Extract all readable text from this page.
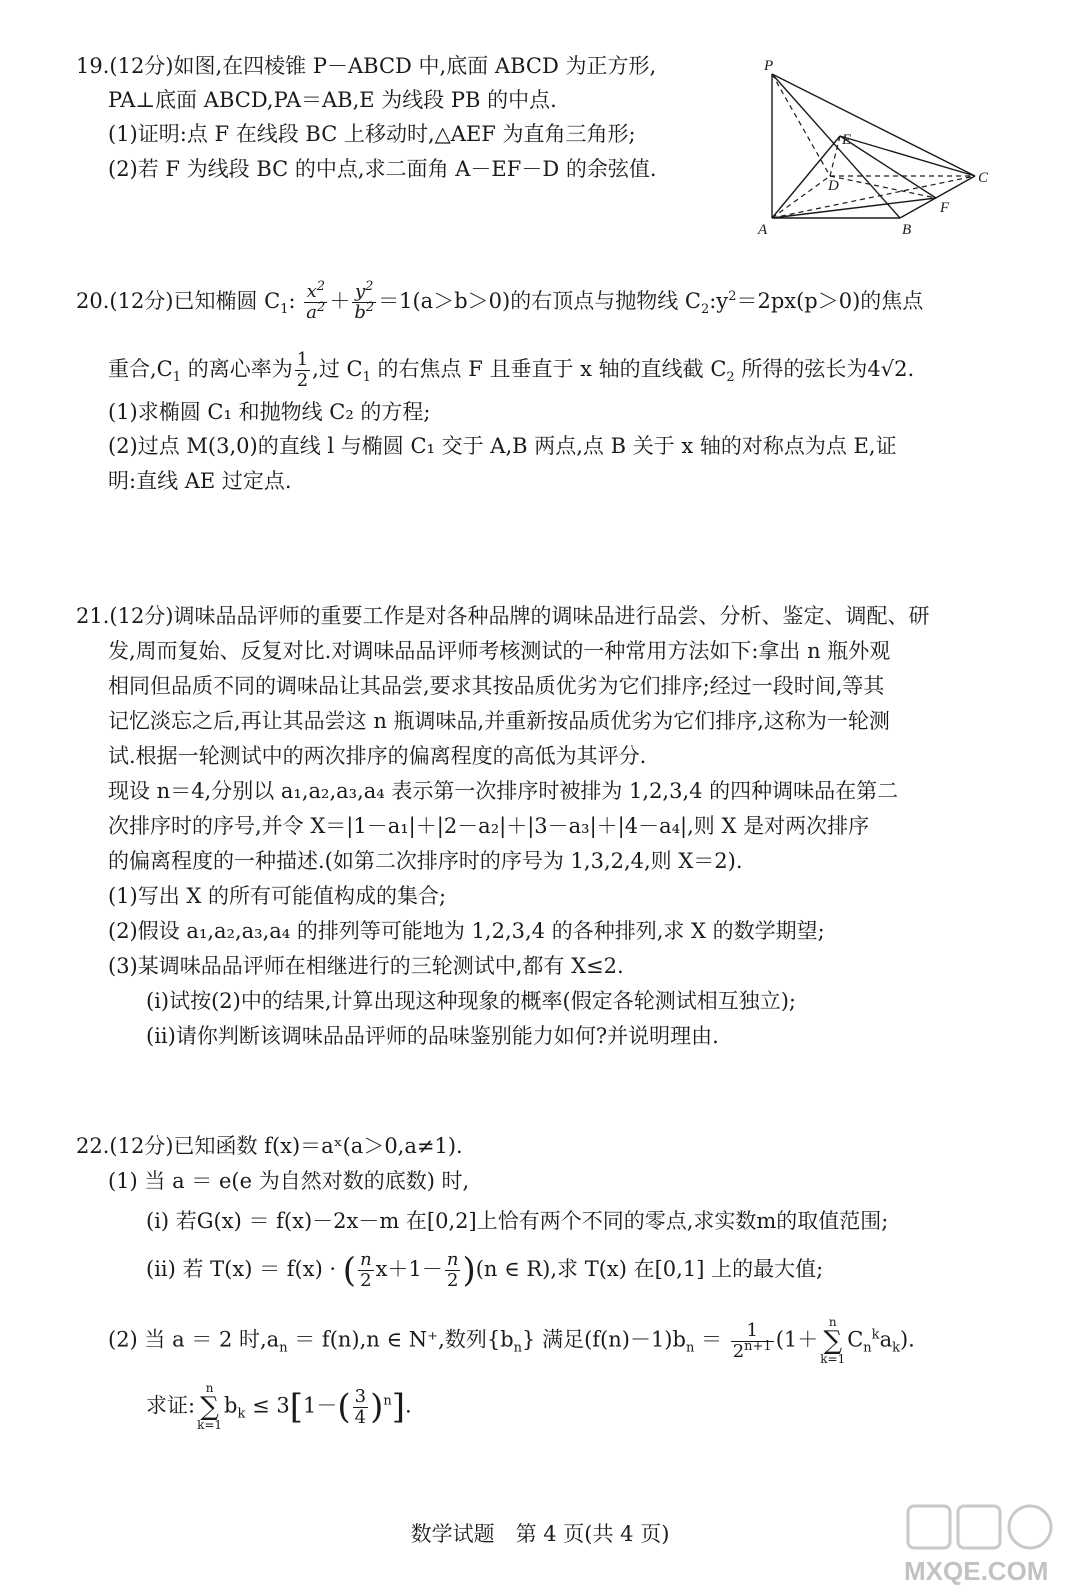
19.(12分)如图,在四棱锥 P－ABCD 中,底面 ABCD 为正方形,
PA⊥底面 ABCD,PA＝AB,E 为线段 PB 的中点.
(1)证明:点 F 在线段 BC 上移动时,△AEF 为直角三角形;
(2)若 F 为线段 BC 的中点,求二面角 A－EF－D 的余弦值.
P
E
D	C
A	B
F
20.(12分)已知椭圆 $C_1$: $\frac{x^2}{a^2} + \frac{y^2}{b^2} =1(a>b>0)$的右顶点与抛物线 $C_2:y^2=2px(p>0)$的焦点
重合$,C_1$ 的离心率为 $\frac{1}{2}$ ,过 $C_1$ 的右焦点 F 且垂直于 x 轴的直线截 $C_2$ 所得的弦长为4√2.
(1)求椭圆 C₁ 和抛物线 C₂ 的方程;
(2)过点 M(3,0)的直线 l 与椭圆 C₁ 交于 A,B 两点,点 B 关于 x 轴的对称点为点 E,证
明:直线 AE 过定点.
21.(12分)调味品品评师的重要工作是对各种品牌的调味品进行品尝、分析、鉴定、调配、研
发,周而复始、反复对比.对调味品品评师考核测试的一种常用方法如下:拿出 n 瓶外观
相同但品质不同的调味品让其品尝,要求其按品质优劣为它们排序;经过一段时间,等其
记忆淡忘之后,再让其品尝这 n 瓶调味品,并重新按品质优劣为它们排序,这称为一轮测
试.根据一轮测试中的两次排序的偏离程度的高低为其评分.
现设 n＝4,分别以 a₁,a₂,a₃,a₄ 表示第一次排序时被排为 1,2,3,4 的四种调味品在第二
次排序时的序号,并令 X＝|1－a₁|＋|2－a₂|＋|3－a₃|＋|4－a₄|,则 X 是对两次排序
的偏离程度的一种描述.(如第二次排序时的序号为 1,3,2,4,则 X＝2).
(1)写出 X 的所有可能值构成的集合;
(2)假设 a₁,a₂,a₃,a₄ 的排列等可能地为 1,2,3,4 的各种排列,求 X 的数学期望;
(3)某调味品品评师在相继进行的三轮测试中,都有 X≤2.
(i)试按(2)中的结果,计算出现这种现象的概率(假定各轮测试相互独立);
(ii)请你判断该调味品品评师的品味鉴别能力如何?并说明理由.
22.(12分)已知函数 f(x)＝aˣ(a＞0,a≠1).
(1) 当 a ＝ e(e 为自然对数的底数) 时,
(i) 若G(x) ＝ f(x)－2x－m 在[0,2]上恰有两个不同的零点,求实数m的取值范围;
(ii) 若 T(x) ＝ f(x) · ( $\frac{n}{2} x+1- \frac{n}{2} )(n$ ∈ R),求 T(x) 在[0,1] 上的最大值;
(2) 当 a ＝ 2 时$,a_n = f(n),n$ ∈ N⁺,数列$\{b_n\}$ 满足$(f(n)-1)b_n = \frac{1}{2^{n+1}} (1+n$
∑
$k=1C_n^ka_k$).
求证:n
∑
$k=1b_k \le 3[1-( \frac{3}{4} )^n]$.
数学试题　第 4 页(共 4 页)
MXQE.COM
